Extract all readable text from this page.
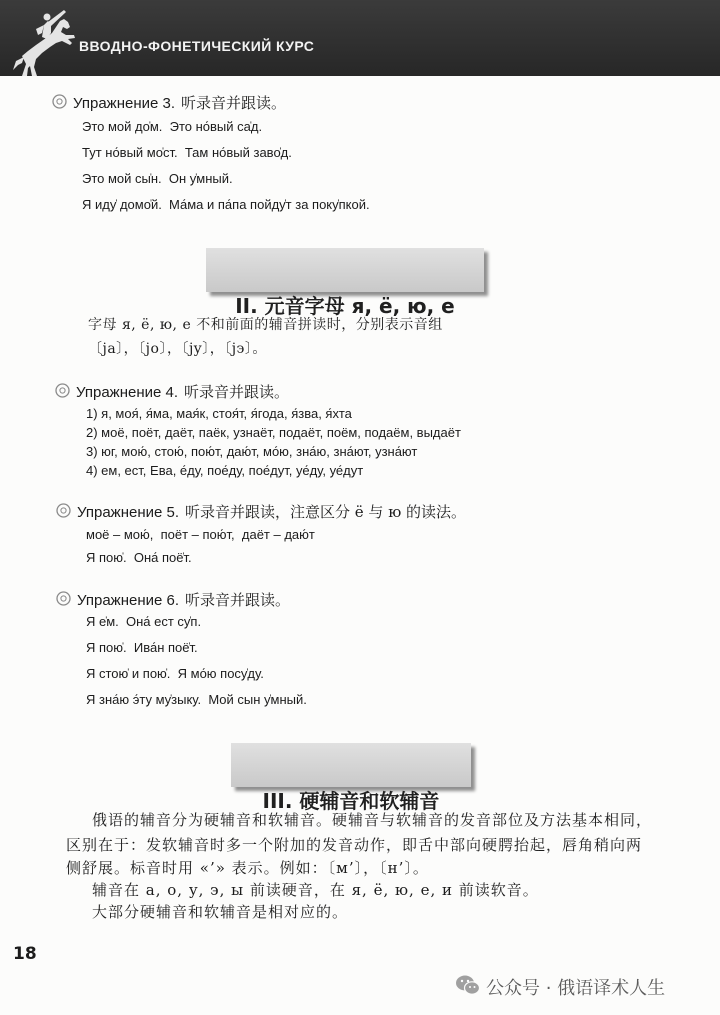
ВВОДНО-ФОНЕТИЧЕСКИЙ КУРС
Упражнение 3. 听录音并跟读。
Это мой до̍м.  Это но́вый са̍д.
Тут но́вый мо̍ст.  Там но́вый заво̍д.
Это мой сы̍н.  Он у̍мный.
Я иду̍ домо̍й.  Ма́ма и па́па пойду̍т за поку̍пкой.

II. 元音字母 я, ё, ю, е

字母 я, ё, ю, е 不和前面的辅音拼读时，分别表示音组
〔ja〕，〔jo〕，〔jy〕，〔jэ〕。
Упражнение 4. 听录音并跟读。
1) я, моя́, я́ма, мая́к, стоя́т, я́года, я́зва, я́хта
2) моё, поёт, даёт, паёк, узнаёт, подаёт, поём, подаём, выдаёт
3) юг, мою́, стою́, пою́т, даю́т, мо́ю, зна́ю, зна́ют, узна́ют
4) ем, ест, Ева, е́ду, пое́ду, пое́дут, уе́ду, уе́дут
Упражнение 5. 听录音并跟读，注意区分 ё 与 ю 的读法。
моё – мою́,  поёт – пою́т,  даёт – даю́т
Я пою̍.  Она́ поё̍т.
Упражнение 6. 听录音并跟读。
Я е̍м.  Она́ ест су̍п.
Я пою̍.  Ива́н поё̍т.
Я стою̍ и пою̍.  Я мо́ю посу̍ду.
Я зна́ю э́ту му̍зыку.  Мой сын у̍мный.

III. 硬辅音和软辅音

俄语的辅音分为硬辅音和软辅音。硬辅音与软辅音的发音部位及方法基本相同，
区别在于：发软辅音时多一个附加的发音动作，即舌中部向硬腭抬起，唇角稍向两
侧舒展。标音时用 «’» 表示。例如：〔м’〕，〔н’〕。
辅音在 а, о, у, э, ы 前读硬音，在 я, ё, ю, е, и 前读软音。
大部分硬辅音和软辅音是相对应的。
18
公众号 · 俄语译术人生
